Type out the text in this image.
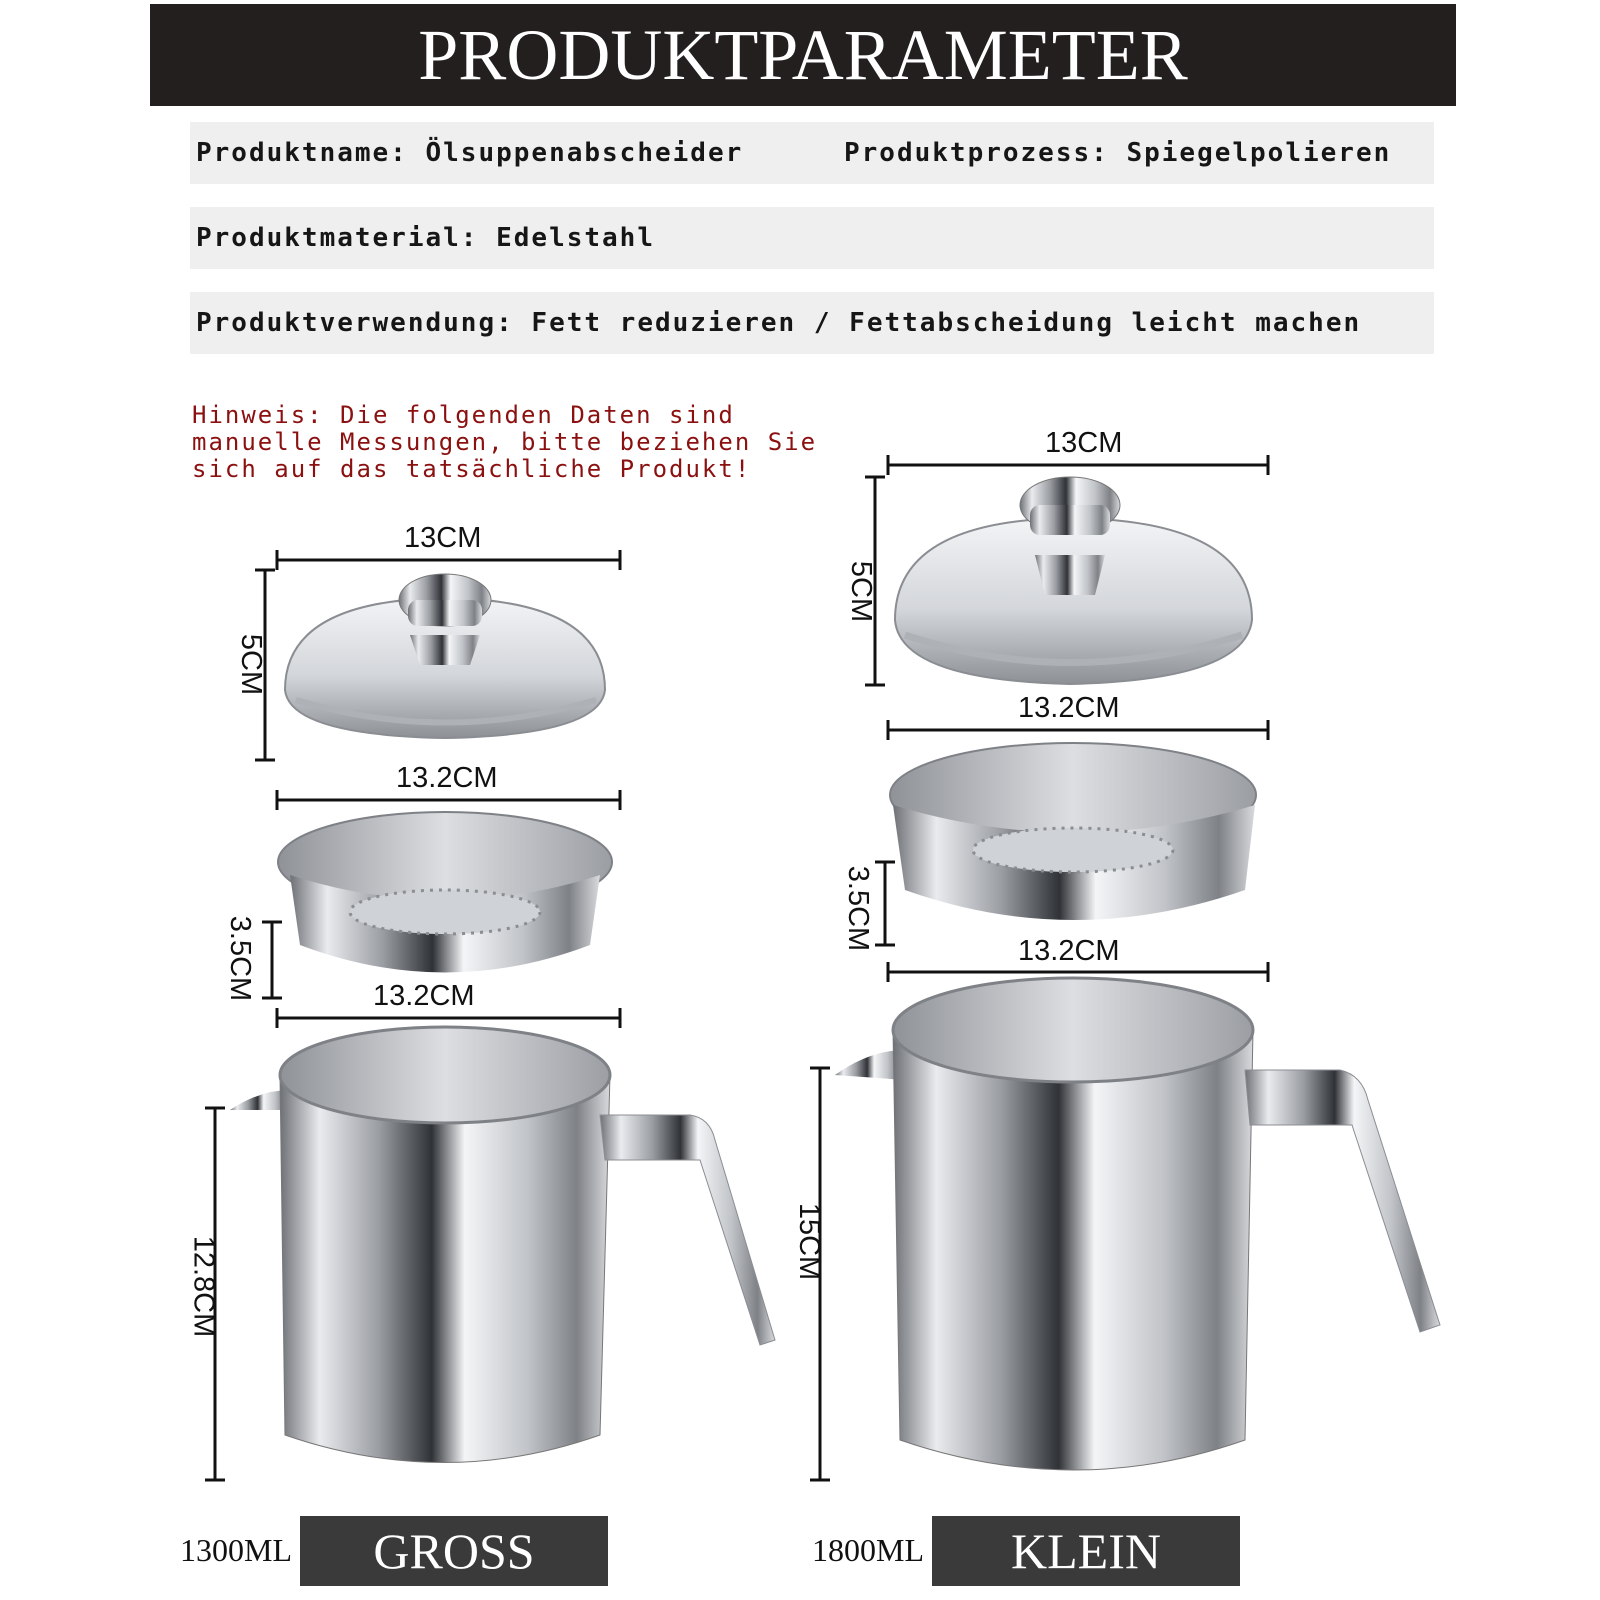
PRODUKTPARAMETER
Produktname: Ölsuppenabscheider	Produktprozess: Spiegelpolieren
Produktmaterial: Edelstahl
Produktverwendung: Fett reduzieren / Fettabscheidung leicht machen
Hinweis: Die folgenden Daten sind
manuelle Messungen, bitte beziehen Sie
sich auf das tatsächliche Produkt!
13CM
5CM
13.2CM
3.5CM	13.2CM
12.8CM
13CM
5CM
13.2CM
3.5CM	13.2CM
15CM
1300ML	GROSS	1800ML	KLEIN
